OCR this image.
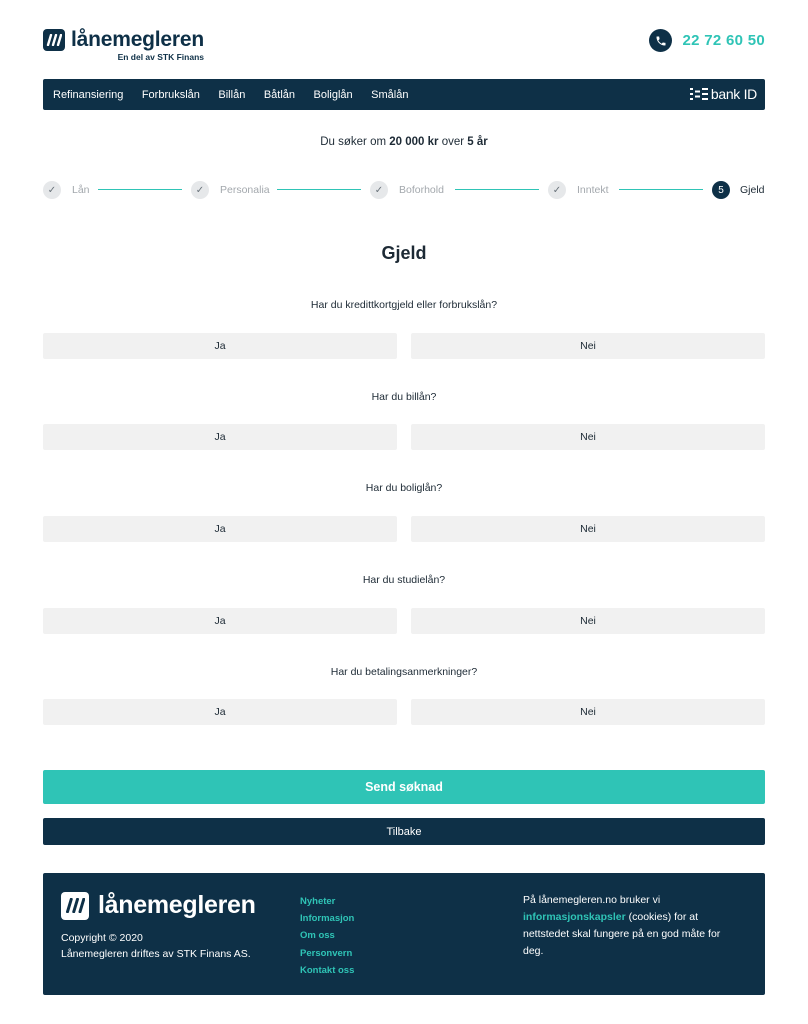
lånemegleren
En del av STK Finans
22 72 60 50
Refinansiering Forbrukslån Billån Båtlån Boliglån Smålån	bank ID
Du søker om 20 000 kr over 5 år
✓	Lån	✓	Personalia	✓	Boforhold	✓	Inntekt	5	Gjeld
Gjeld
Har du kredittkortgjeld eller forbrukslån?
Ja	Nei
Har du billån?
Ja	Nei
Har du boliglån?
Ja	Nei
Har du studielån?
Ja	Nei
Har du betalingsanmerkninger?
Ja	Nei
Send søknad
Tilbake
lånemegleren
Copyright © 2020
Lånemegleren driftes av STK Finans AS.
Nyheter
Informasjon
Om oss
Personvern
Kontakt oss
På lånemegleren.no bruker vi
informasjonskapsler (cookies) for at nettstedet skal fungere på en god måte for deg.
